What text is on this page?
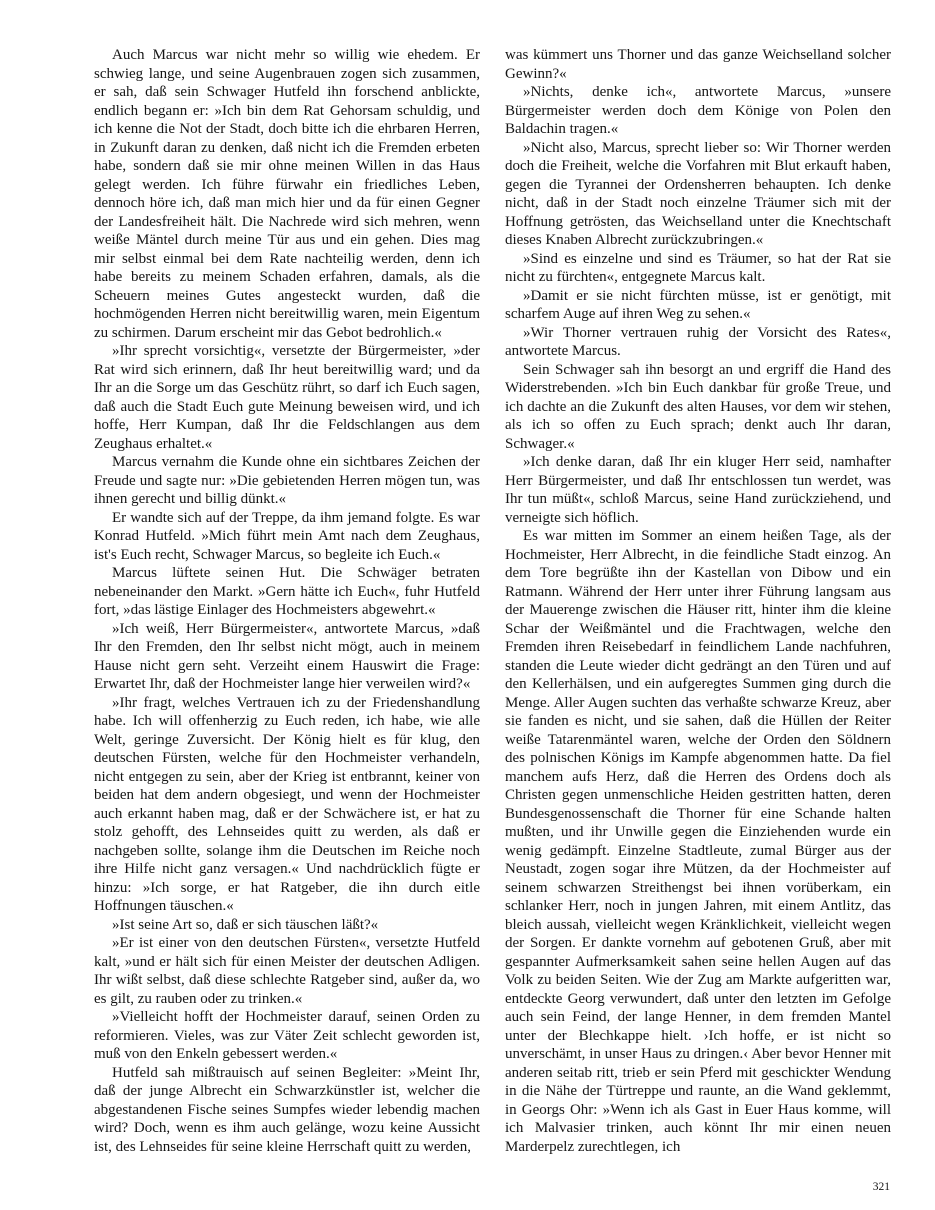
Auch Marcus war nicht mehr so willig wie ehedem. Er schwieg lange, und seine Augenbrauen zogen sich zusammen, er sah, daß sein Schwager Hutfeld ihn forschend anblickte, endlich begann er: »Ich bin dem Rat Gehorsam schuldig, und ich kenne die Not der Stadt, doch bitte ich die ehrbaren Herren, in Zukunft daran zu denken, daß nicht ich die Fremden erbeten habe, sondern daß sie mir ohne meinen Willen in das Haus gelegt werden. Ich führe fürwahr ein friedliches Leben, dennoch höre ich, daß man mich hier und da für einen Gegner der Landesfreiheit hält. Die Nachrede wird sich mehren, wenn weiße Mäntel durch meine Tür aus und ein gehen. Dies mag mir selbst einmal bei dem Rate nachteilig werden, denn ich habe bereits zu meinem Schaden erfahren, damals, als die Scheuern meines Gutes angesteckt wurden, daß die hochmögenden Herren nicht bereitwillig waren, mein Eigentum zu schirmen. Darum erscheint mir das Gebot bedrohlich.«

»Ihr sprecht vorsichtig«, versetzte der Bürgermeister, »der Rat wird sich erinnern, daß Ihr heut bereitwillig ward; und da Ihr an die Sorge um das Geschütz rührt, so darf ich Euch sagen, daß auch die Stadt Euch gute Meinung beweisen wird, und ich hoffe, Herr Kumpan, daß Ihr die Feldschlangen aus dem Zeughaus erhaltet.«

Marcus vernahm die Kunde ohne ein sichtbares Zeichen der Freude und sagte nur: »Die gebietenden Herren mögen tun, was ihnen gerecht und billig dünkt.«

Er wandte sich auf der Treppe, da ihm jemand folgte. Es war Konrad Hutfeld. »Mich führt mein Amt nach dem Zeughaus, ist's Euch recht, Schwager Marcus, so begleite ich Euch.«

Marcus lüftete seinen Hut. Die Schwäger betraten nebeneinander den Markt. »Gern hätte ich Euch«, fuhr Hutfeld fort, »das lästige Einlager des Hochmeisters abgewehrt.«

»Ich weiß, Herr Bürgermeister«, antwortete Marcus, »daß Ihr den Fremden, den Ihr selbst nicht mögt, auch in meinem Hause nicht gern seht. Verzeiht einem Hauswirt die Frage: Erwartet Ihr, daß der Hochmeister lange hier verweilen wird?«

»Ihr fragt, welches Vertrauen ich zu der Friedenshandlung habe. Ich will offenherzig zu Euch reden, ich habe, wie alle Welt, geringe Zuversicht. Der König hielt es für klug, den deutschen Fürsten, welche für den Hochmeister verhandeln, nicht entgegen zu sein, aber der Krieg ist entbrannt, keiner von beiden hat dem andern obgesiegt, und wenn der Hochmeister auch erkannt haben mag, daß er der Schwächere ist, er hat zu stolz gehofft, des Lehnseides quitt zu werden, als daß er nachgeben sollte, solange ihm die Deutschen im Reiche noch ihre Hilfe nicht ganz versagen.« Und nachdrücklich fügte er hinzu: »Ich sorge, er hat Ratgeber, die ihn durch eitle Hoffnungen täuschen.«

»Ist seine Art so, daß er sich täuschen läßt?«

»Er ist einer von den deutschen Fürsten«, versetzte Hutfeld kalt, »und er hält sich für einen Meister der deutschen Adligen. Ihr wißt selbst, daß diese schlechte Ratgeber sind, außer da, wo es gilt, zu rauben oder zu trinken.«

»Vielleicht hofft der Hochmeister darauf, seinen Orden zu reformieren. Vieles, was zur Väter Zeit schlecht geworden ist, muß von den Enkeln gebessert werden.«

Hutfeld sah mißtrauisch auf seinen Begleiter: »Meint Ihr, daß der junge Albrecht ein Schwarzkünstler ist, welcher die abgestandenen Fische seines Sumpfes wieder lebendig machen wird? Doch, wenn es ihm auch gelänge, wozu keine Aussicht ist, des Lehnseides für seine kleine Herrschaft quitt zu werden,

was kümmert uns Thorner und das ganze Weichselland solcher Gewinn?«

»Nichts, denke ich«, antwortete Marcus, »unsere Bürgermeister werden doch dem Könige von Polen den Baldachin tragen.«

»Nicht also, Marcus, sprecht lieber so: Wir Thorner werden doch die Freiheit, welche die Vorfahren mit Blut erkauft haben, gegen die Tyrannei der Ordensherren behaupten. Ich denke nicht, daß in der Stadt noch einzelne Träumer sich mit der Hoffnung getrösten, das Weichselland unter die Knechtschaft dieses Knaben Albrecht zurückzubringen.«

»Sind es einzelne und sind es Träumer, so hat der Rat sie nicht zu fürchten«, entgegnete Marcus kalt.

»Damit er sie nicht fürchten müsse, ist er genötigt, mit scharfem Auge auf ihren Weg zu sehen.«

»Wir Thorner vertrauen ruhig der Vorsicht des Rates«, antwortete Marcus.

Sein Schwager sah ihn besorgt an und ergriff die Hand des Widerstrebenden. »Ich bin Euch dankbar für große Treue, und ich dachte an die Zukunft des alten Hauses, vor dem wir stehen, als ich so offen zu Euch sprach; denkt auch Ihr daran, Schwager.«

»Ich denke daran, daß Ihr ein kluger Herr seid, namhafter Herr Bürgermeister, und daß Ihr entschlossen tun werdet, was Ihr tun müßt«, schloß Marcus, seine Hand zurückziehend, und verneigte sich höflich.

Es war mitten im Sommer an einem heißen Tage, als der Hochmeister, Herr Albrecht, in die feindliche Stadt einzog. An dem Tore begrüßte ihn der Kastellan von Dibow und ein Ratmann. Während der Herr unter ihrer Führung langsam aus der Mauerenge zwischen die Häuser ritt, hinter ihm die kleine Schar der Weißmäntel und die Frachtwagen, welche den Fremden ihren Reisebedarf in feindlichem Lande nachfuhren, standen die Leute wieder dicht gedrängt an den Türen und auf den Kellerhälsen, und ein aufgeregtes Summen ging durch die Menge. Aller Augen suchten das verhaßte schwarze Kreuz, aber sie fanden es nicht, und sie sahen, daß die Hüllen der Reiter weiße Tatarenmäntel waren, welche der Orden den Söldnern des polnischen Königs im Kampfe abgenommen hatte. Da fiel manchem aufs Herz, daß die Herren des Ordens doch als Christen gegen unmenschliche Heiden gestritten hatten, deren Bundesgenossenschaft die Thorner für eine Schande halten mußten, und ihr Unwille gegen die Einziehenden wurde ein wenig gedämpft. Einzelne Stadtleute, zumal Bürger aus der Neustadt, zogen sogar ihre Mützen, da der Hochmeister auf seinem schwarzen Streithengst bei ihnen vorüberkam, ein schlanker Herr, noch in jungen Jahren, mit einem Antlitz, das bleich aussah, vielleicht wegen Kränklichkeit, vielleicht wegen der Sorgen. Er dankte vornehm auf gebotenen Gruß, aber mit gespannter Aufmerksamkeit sahen seine hellen Augen auf das Volk zu beiden Seiten. Wie der Zug am Markte aufgeritten war, entdeckte Georg verwundert, daß unter den letzten im Gefolge auch sein Feind, der lange Henner, in dem fremden Mantel unter der Blechkappe hielt. ›Ich hoffe, er ist nicht so unverschämt, in unser Haus zu dringen.‹ Aber bevor Henner mit anderen seitab ritt, trieb er sein Pferd mit geschickter Wendung in die Nähe der Türtreppe und raunte, an die Wand geklemmt, in Georgs Ohr: »Wenn ich als Gast in Euer Haus komme, will ich Malvasier trinken, auch könnt Ihr mir einen neuen Marderpelz zurechtlegen, ich

321
